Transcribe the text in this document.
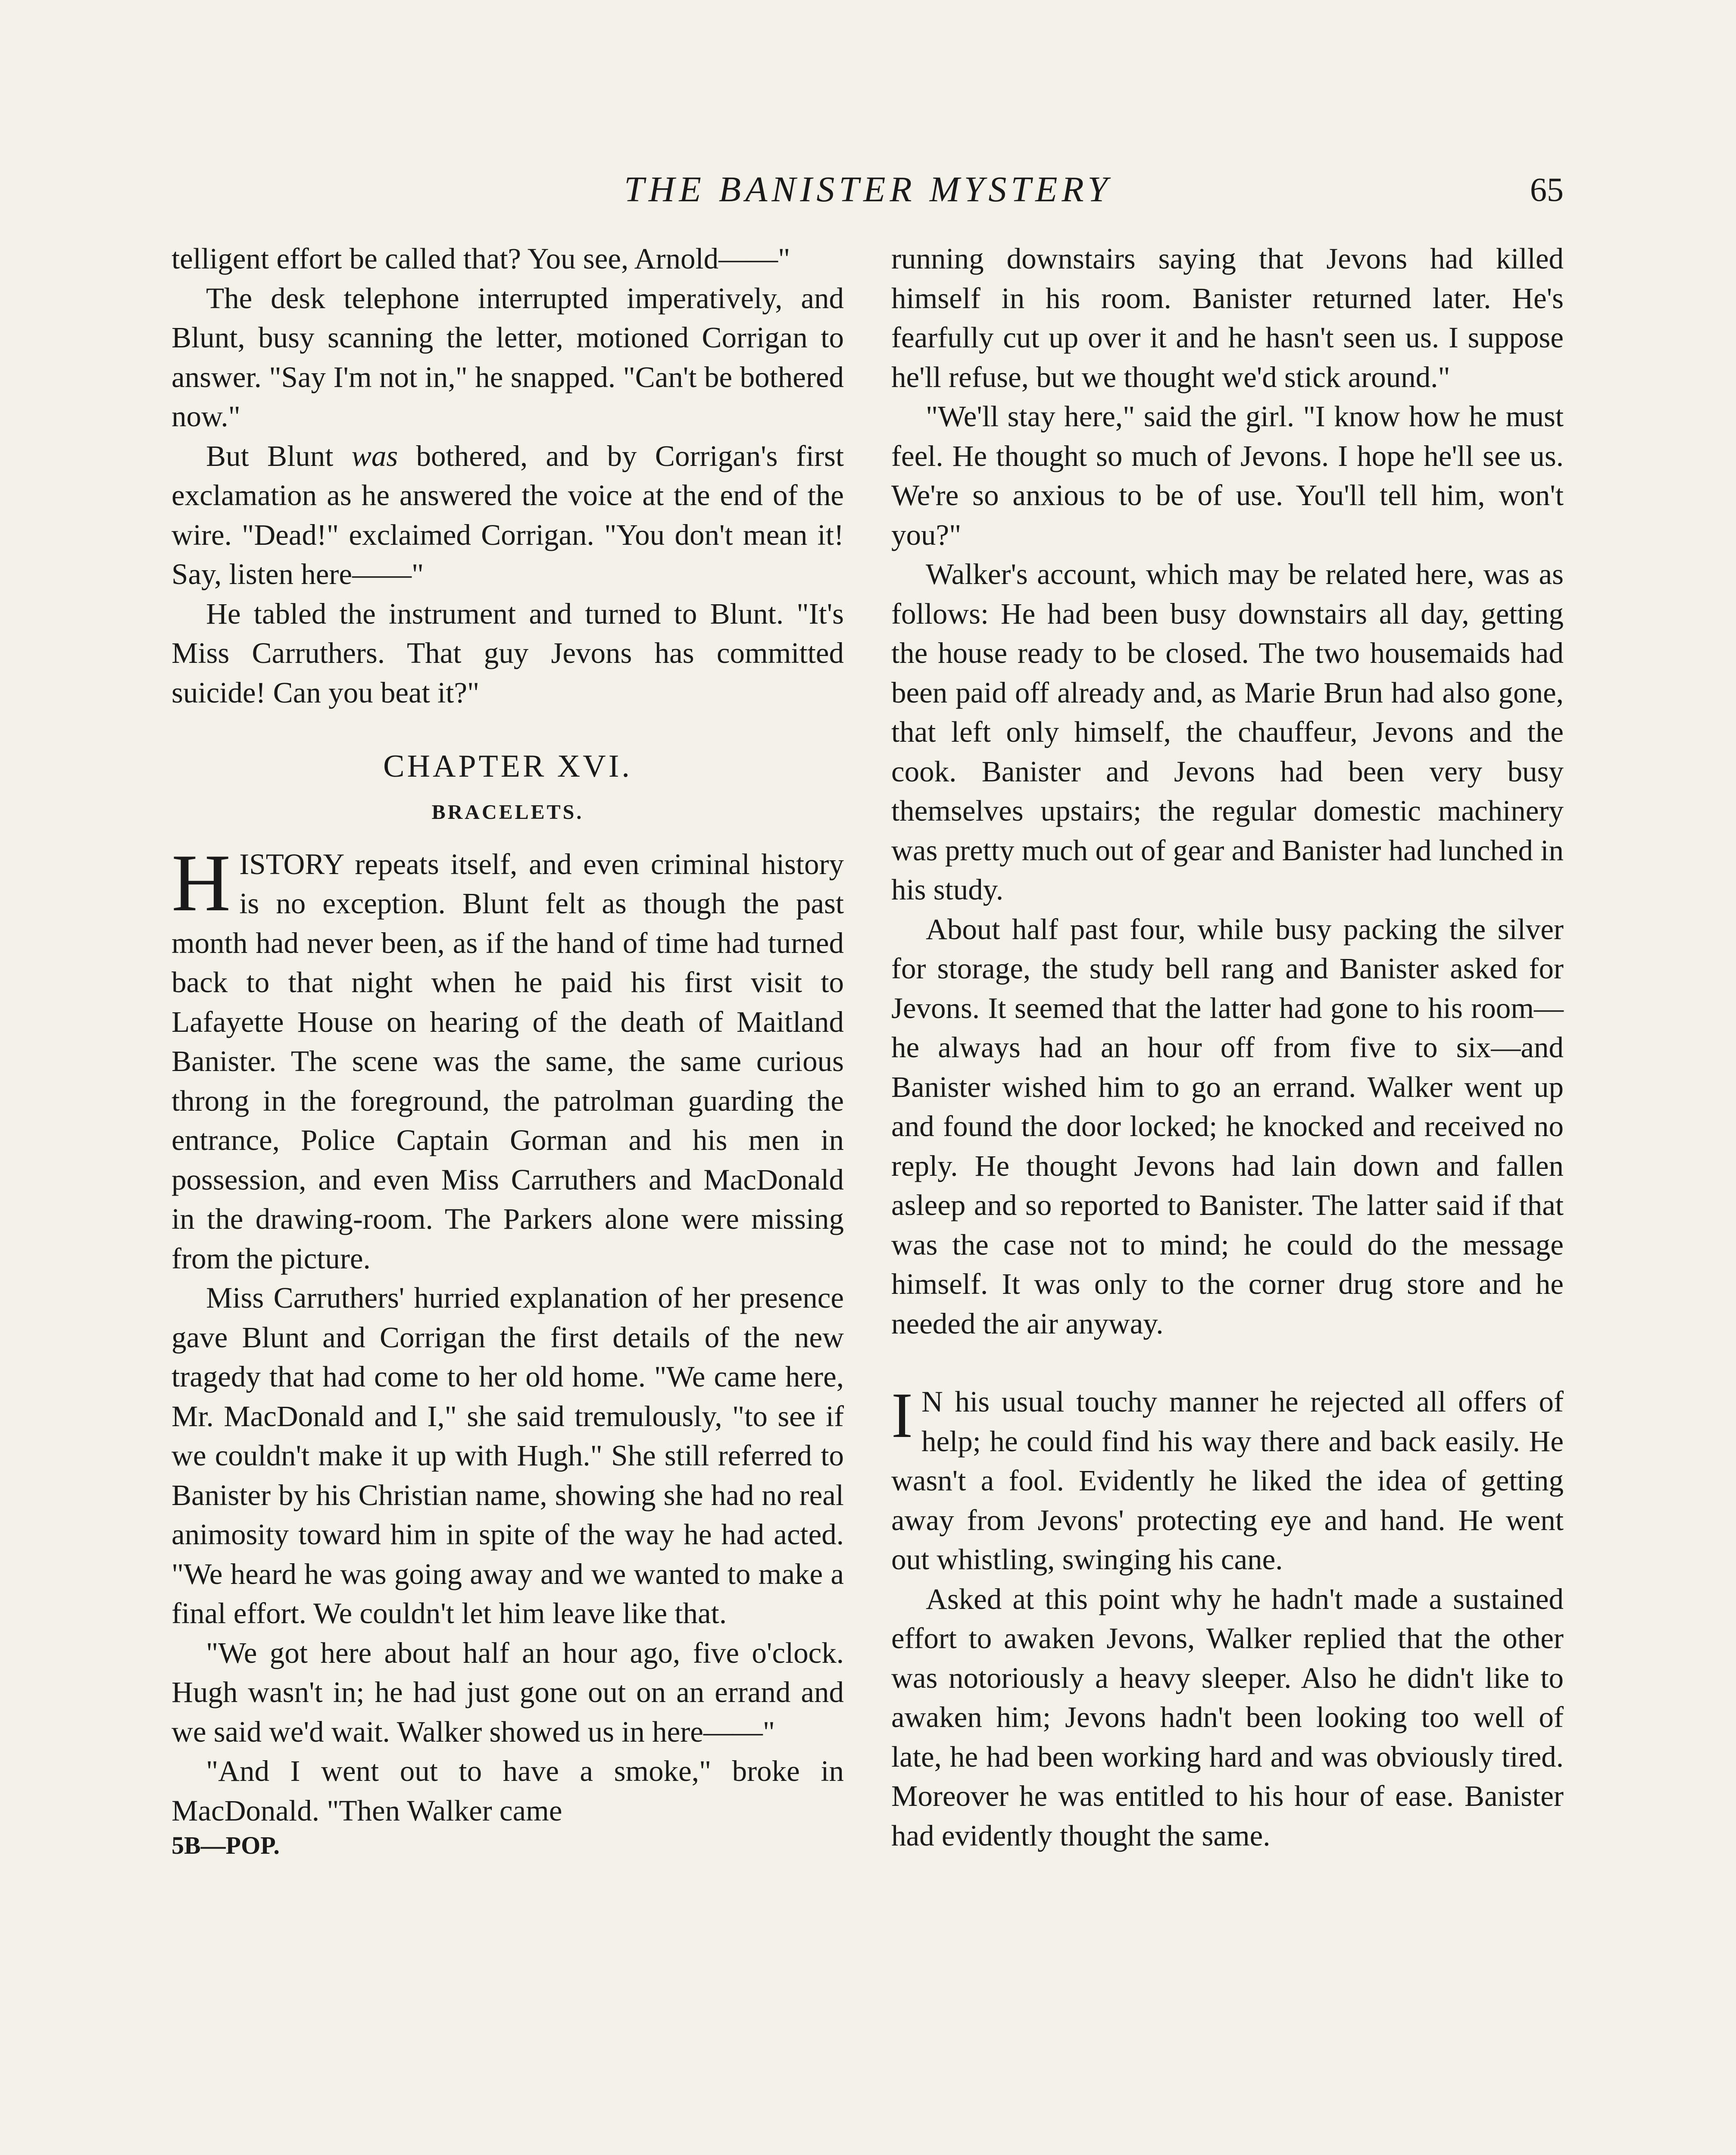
THE BANISTER MYSTERY	65

telligent effort be called that? You see, Arnold——"

The desk telephone interrupted imperatively, and Blunt, busy scanning the letter, motioned Corrigan to answer. "Say I'm not in," he snapped. "Can't be bothered now."

But Blunt was bothered, and by Corrigan's first exclamation as he answered the voice at the end of the wire. "Dead!" exclaimed Corrigan. "You don't mean it! Say, listen here——"

He tabled the instrument and turned to Blunt. "It's Miss Carruthers. That guy Jevons has committed suicide! Can you beat it?"

CHAPTER XVI.
BRACELETS.

HISTORY repeats itself, and even criminal history is no exception. Blunt felt as though the past month had never been, as if the hand of time had turned back to that night when he paid his first visit to Lafayette House on hearing of the death of Maitland Banister. The scene was the same, the same curious throng in the foreground, the patrolman guarding the entrance, Police Captain Gorman and his men in possession, and even Miss Carruthers and MacDonald in the drawing-room. The Parkers alone were missing from the picture.

Miss Carruthers' hurried explanation of her presence gave Blunt and Corrigan the first details of the new tragedy that had come to her old home. "We came here, Mr. MacDonald and I," she said tremulously, "to see if we couldn't make it up with Hugh." She still referred to Banister by his Christian name, showing she had no real animosity toward him in spite of the way he had acted. "We heard he was going away and we wanted to make a final effort. We couldn't let him leave like that.

"We got here about half an hour ago, five o'clock. Hugh wasn't in; he had just gone out on an errand and we said we'd wait. Walker showed us in here——"

"And I went out to have a smoke," broke in MacDonald. "Then Walker came

5B—POP.

running downstairs saying that Jevons had killed himself in his room. Banister returned later. He's fearfully cut up over it and he hasn't seen us. I suppose he'll refuse, but we thought we'd stick around."

"We'll stay here," said the girl. "I know how he must feel. He thought so much of Jevons. I hope he'll see us. We're so anxious to be of use. You'll tell him, won't you?"

Walker's account, which may be related here, was as follows: He had been busy downstairs all day, getting the house ready to be closed. The two housemaids had been paid off already and, as Marie Brun had also gone, that left only himself, the chauffeur, Jevons and the cook. Banister and Jevons had been very busy themselves upstairs; the regular domestic machinery was pretty much out of gear and Banister had lunched in his study.

About half past four, while busy packing the silver for storage, the study bell rang and Banister asked for Jevons. It seemed that the latter had gone to his room—he always had an hour off from five to six—and Banister wished him to go an errand. Walker went up and found the door locked; he knocked and received no reply. He thought Jevons had lain down and fallen asleep and so reported to Banister. The latter said if that was the case not to mind; he could do the message himself. It was only to the corner drug store and he needed the air anyway.

I N his usual touchy manner he rejected all offers of help; he could find his way there and back easily. He wasn't a fool. Evidently he liked the idea of getting away from Jevons' protecting eye and hand. He went out whistling, swinging his cane.

Asked at this point why he hadn't made a sustained effort to awaken Jevons, Walker replied that the other was notoriously a heavy sleeper. Also he didn't like to awaken him; Jevons hadn't been looking too well of late, he had been working hard and was obviously tired. Moreover he was entitled to his hour of ease. Banister had evidently thought the same.
